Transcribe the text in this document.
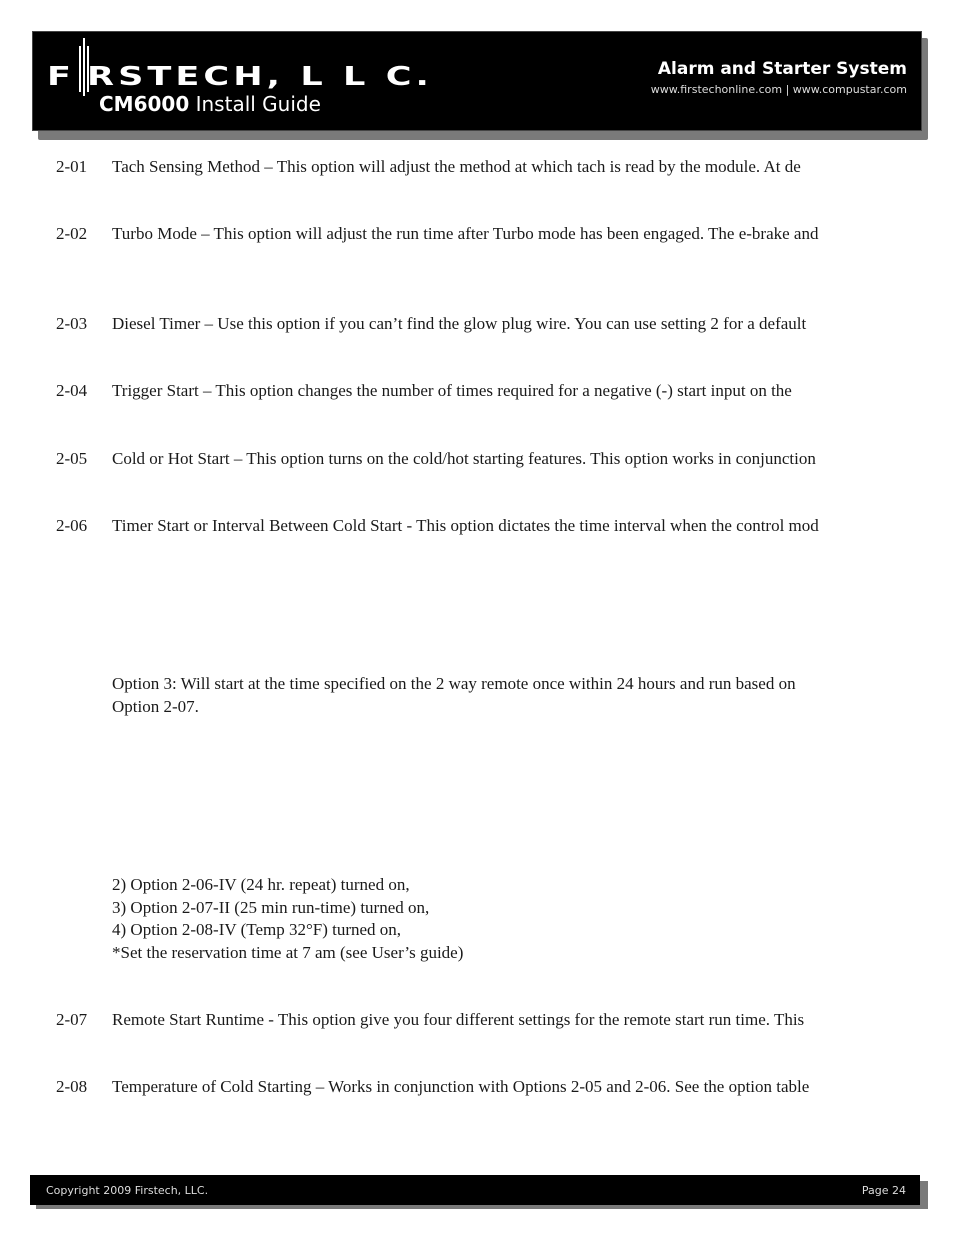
F RSTECH, L L C.
CM6000 Install Guide
Alarm and Starter System
www.firstechonline.com | www.compustar.com
2-01 Tach Sensing Method – This option will adjust the method at which tach is read by the module. At de
2-02 Turbo Mode – This option will adjust the run time after Turbo mode has been engaged. The e-brake and
2-03 Diesel Timer – Use this option if you can’t find the glow plug wire. You can use setting 2 for a default
2-04 Trigger Start – This option changes the number of times required for a negative (-) start input on the
2-05 Cold or Hot Start – This option turns on the cold/hot starting features. This option works in conjunction
2-06 Timer Start or Interval Between Cold Start - This option dictates the time interval when the control mod
Option 3: Will start at the time specified on the 2 way remote once within 24 hours and run based on
Option 2-07.
2) Option 2-06-IV (24 hr. repeat) turned on,
3) Option 2-07-II (25 min run-time) turned on,
4) Option 2-08-IV (Temp 32°F) turned on,
*Set the reservation time at 7 am (see User’s guide)
2-07 Remote Start Runtime - This option give you four different settings for the remote start run time. This
2-08 Temperature of Cold Starting – Works in conjunction with Options 2-05 and 2-06. See the option table
Copyright 2009 Firstech, LLC.	Page 24
